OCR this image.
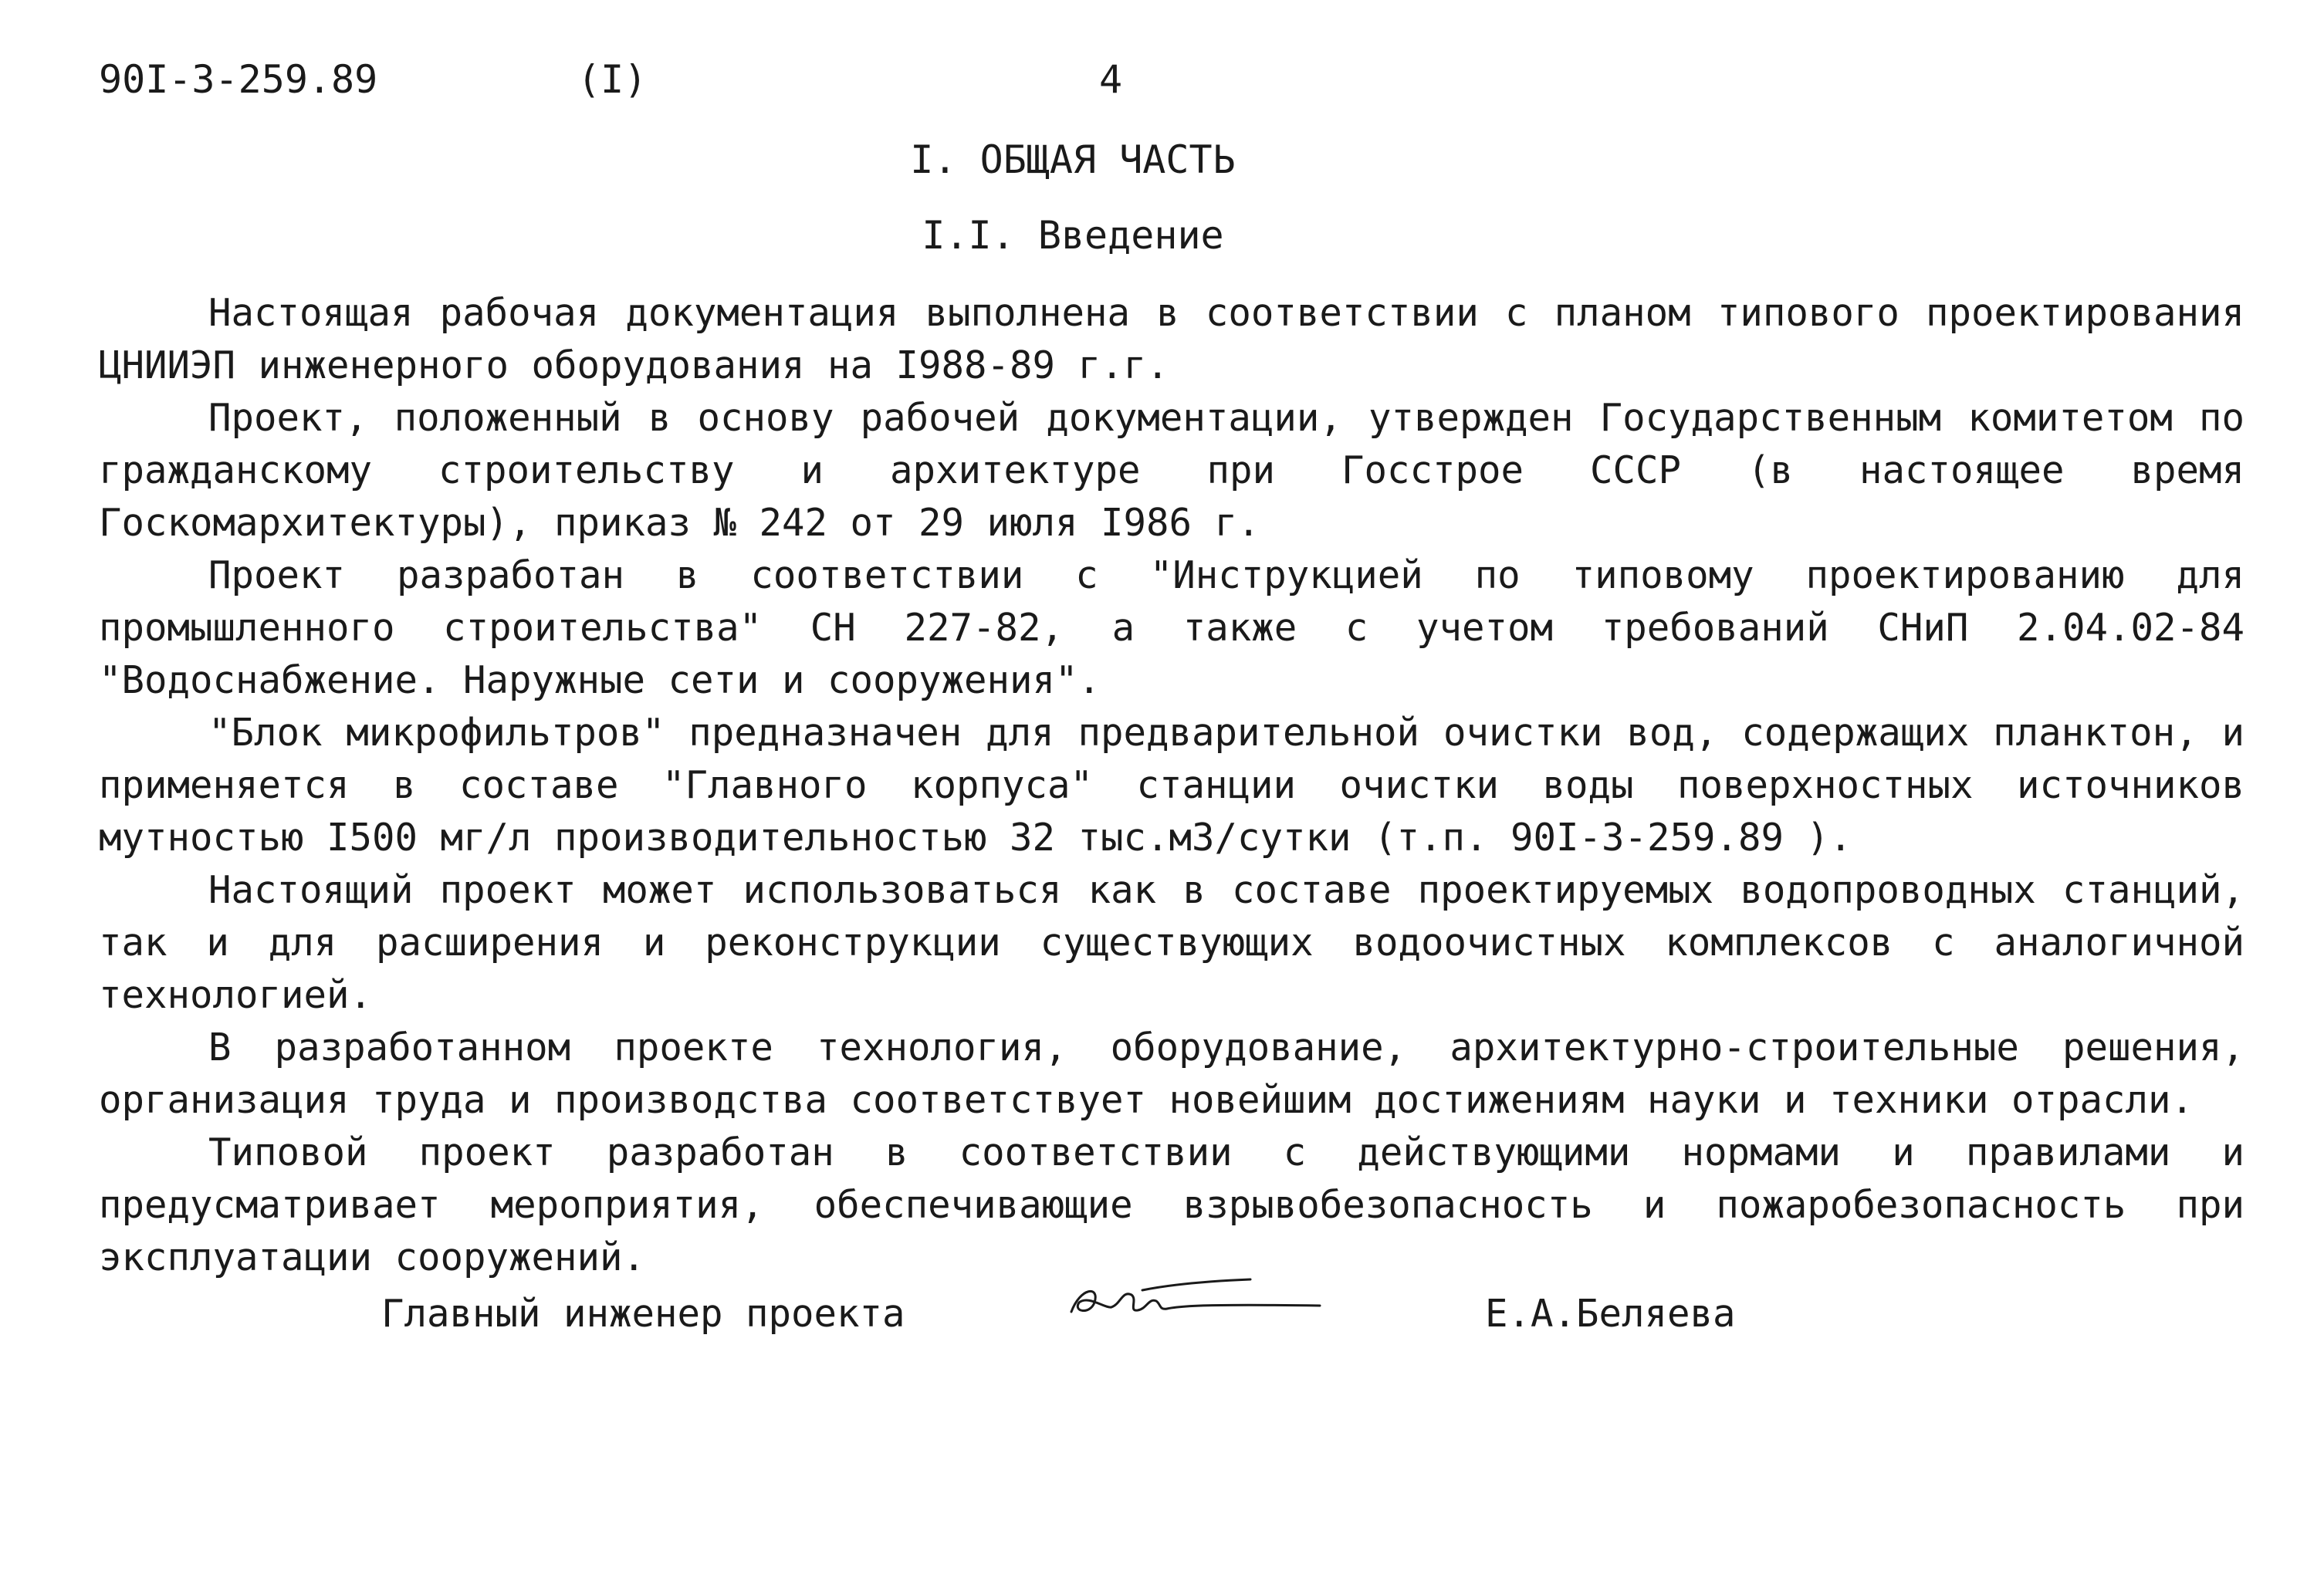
90I-3-259.89	(I)	4
I. ОБЩАЯ ЧАСТЬ
I.I. Введение

Настоящая рабочая документация выполнена в соответствии с планом типового проектирования ЦНИИЭП инженерного оборудования на I988-89 г.г.

Проект, положенный в основу рабочей документации, утвержден Государственным комитетом по гражданскому строительству и архитектуре при Госстрое СССР (в настоящее время Госкомархитектуры), приказ № 242 от 29 июля I986 г.

Проект разработан в соответствии с "Инструкцией по типовому проектированию для промышленного строительства" СН 227-82, а также с учетом требований СНиП 2.04.02-84 "Водоснабжение. Наружные сети и сооружения".

"Блок микрофильтров" предназначен для предварительной очистки вод, содержащих планктон, и применяется в составе "Главного корпуса" станции очистки воды поверхностных источников мутностью I500 мг/л производительностью 32 тыс.м3/сутки (т.п. 90I-3-259.89 ).

Настоящий проект может использоваться как в составе проектируемых водопроводных станций, так и для расширения и реконструкции существующих водоочистных комплексов с аналогичной технологией.

В разработанном проекте технология, оборудование, архитектурно-строительные решения, организация труда и производства соответствует новейшим достижениям науки и техники отрасли.

Типовой проект разработан в соответствии с действующими нормами и правилами и предусматривает мероприятия, обеспечивающие взрывобезопасность и пожаробезопасность при эксплуатации сооружений.

Главный инженер проекта	Е.А.Беляева
